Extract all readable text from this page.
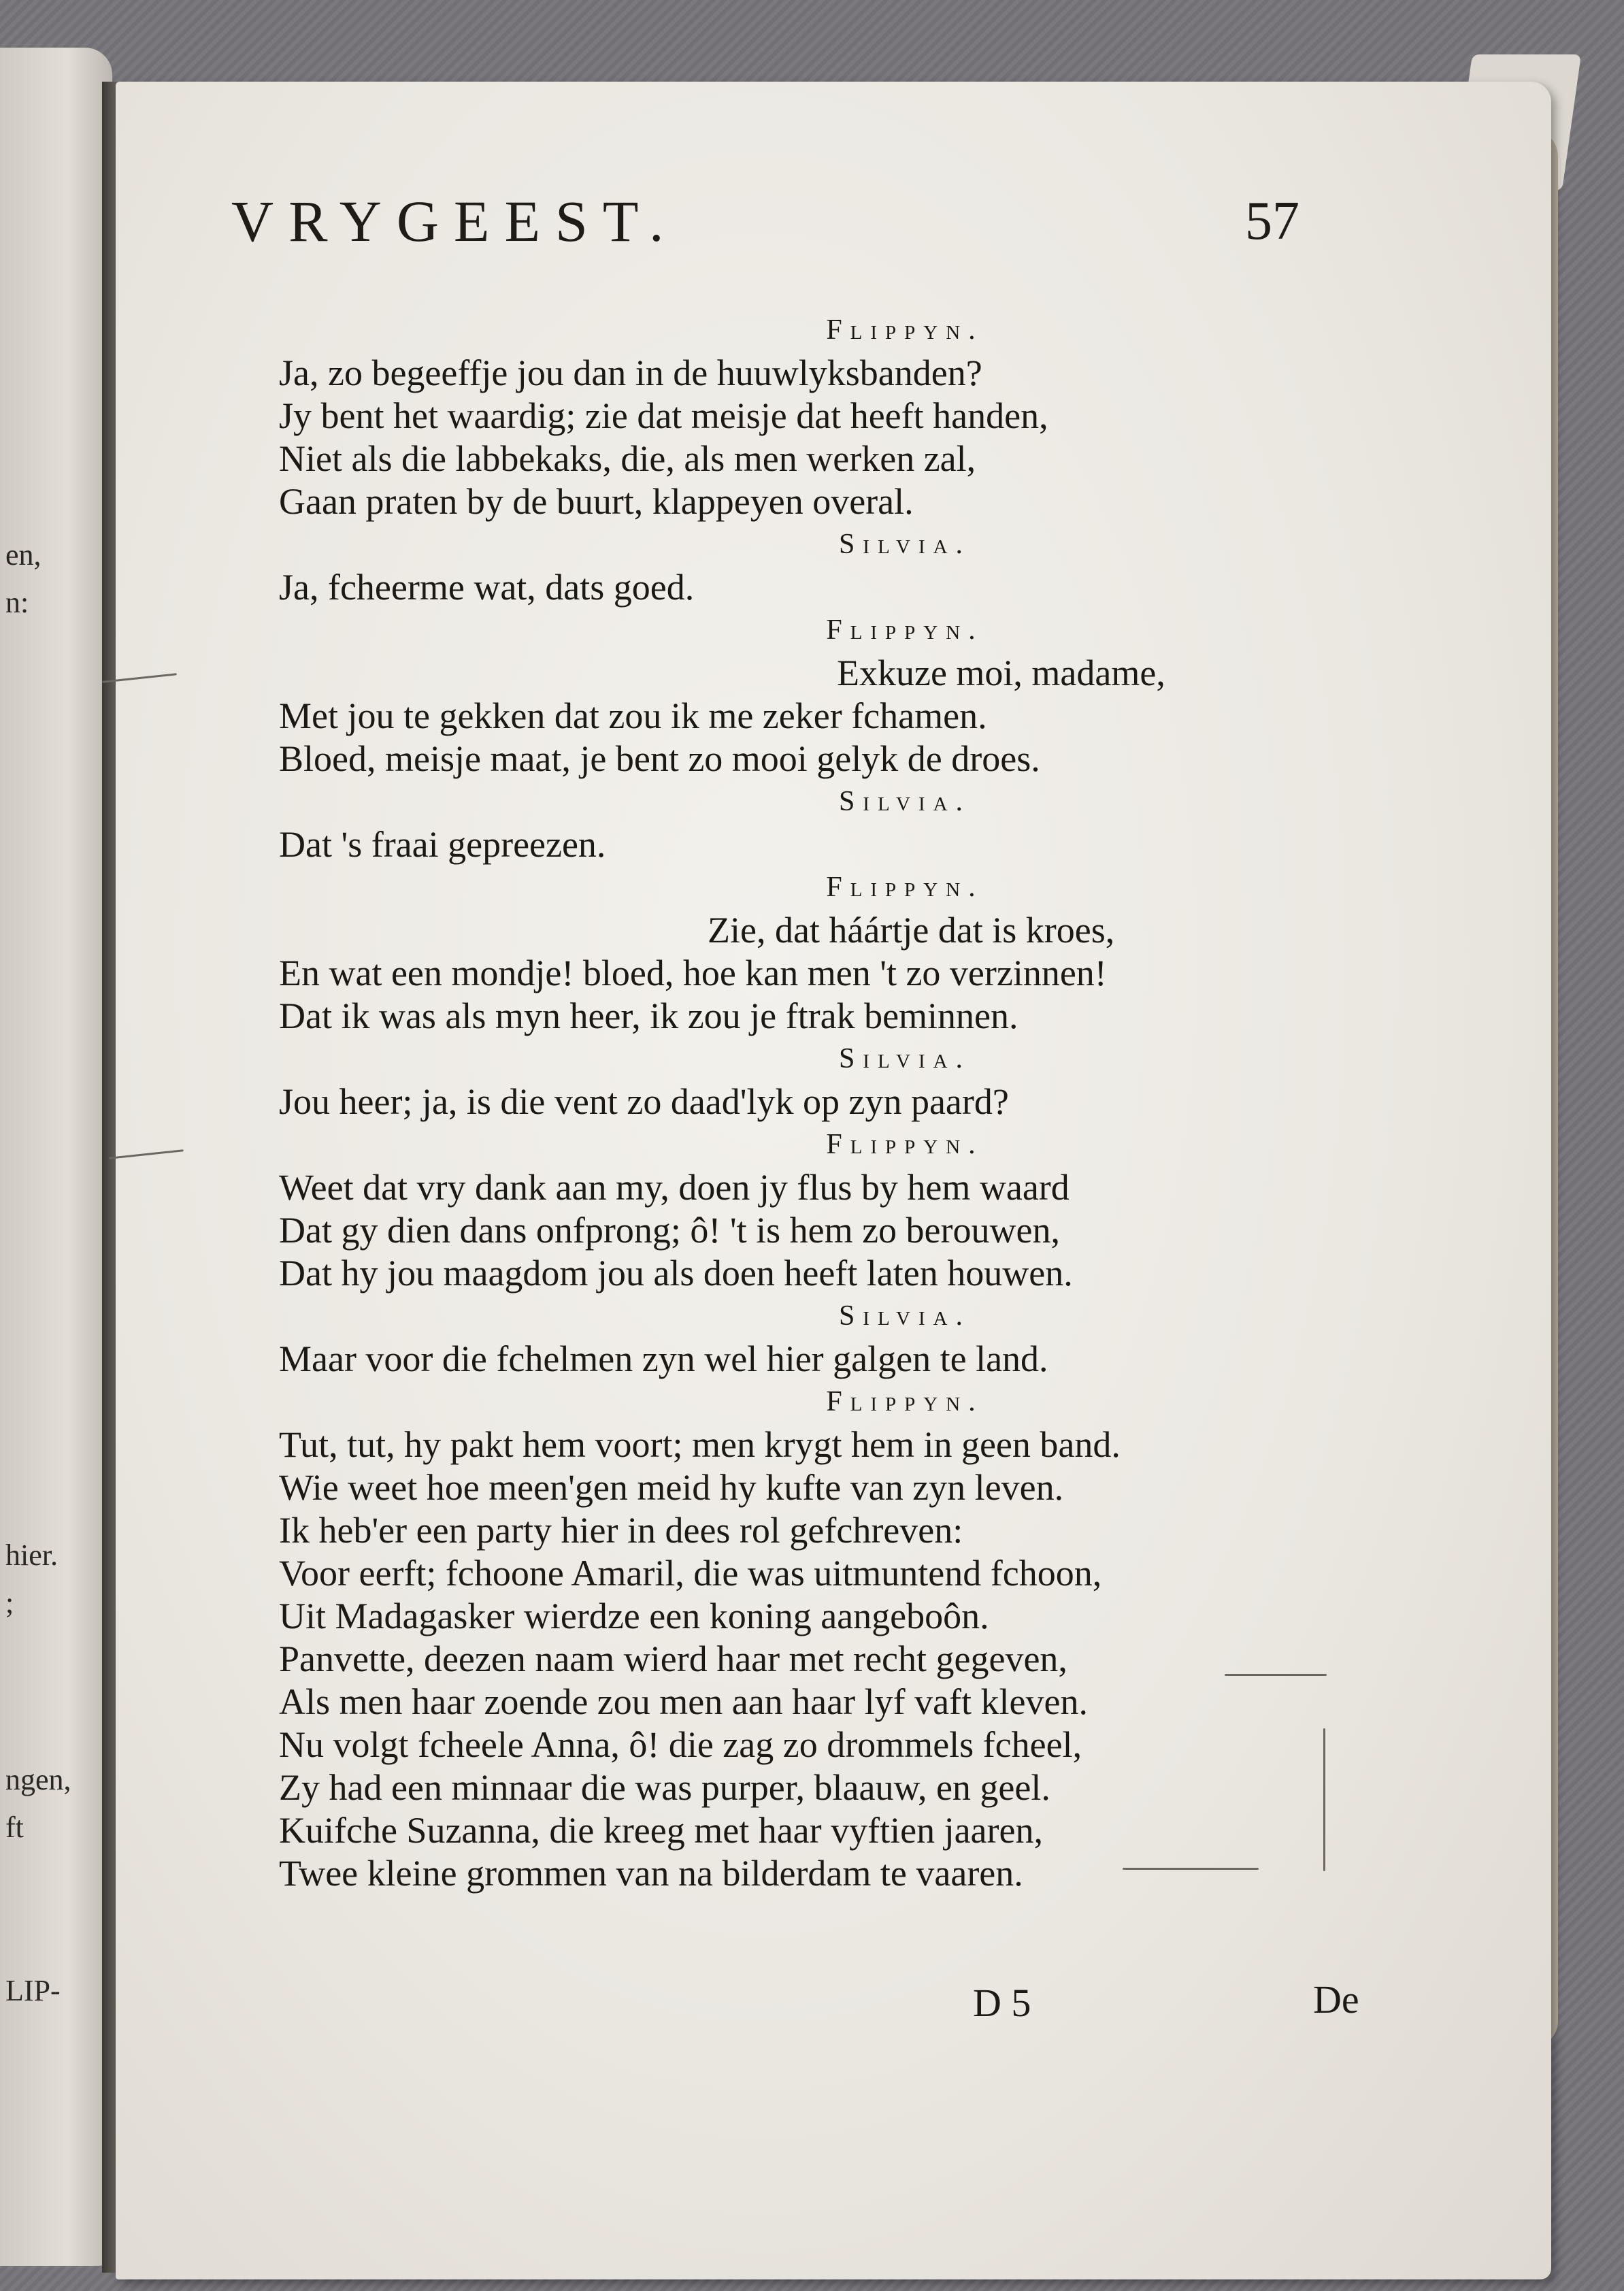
en,
n:
hier.
;
ngen,
ft
LIP-
VRYGEEST.	57
Flippyn.
Ja, zo begeeffje jou dan in de huuwlyksbanden?
Jy bent het waardig; zie dat meisje dat heeft handen,
Niet als die labbekaks, die, als men werken zal,
Gaan praten by de buurt, klappeyen overal.
Silvia.
Ja, fcheerme wat, dats goed.
Flippyn.
Exkuze moi, madame,
Met jou te gekken dat zou ik me zeker fchamen.
Bloed, meisje maat, je bent zo mooi gelyk de droes.
Silvia.
Dat 's fraai gepreezen.
Flippyn.
Zie, dat háártje dat is kroes,
En wat een mondje! bloed, hoe kan men 't zo verzinnen!
Dat ik was als myn heer, ik zou je ftrak beminnen.
Silvia.
Jou heer; ja, is die vent zo daad'lyk op zyn paard?
Flippyn.
Weet dat vry dank aan my, doen jy flus by hem waard
Dat gy dien dans onfprong; ô! 't is hem zo berouwen,
Dat hy jou maagdom jou als doen heeft laten houwen.
Silvia.
Maar voor die fchelmen zyn wel hier galgen te land.
Flippyn.
Tut, tut, hy pakt hem voort; men krygt hem in geen band.
Wie weet hoe meen'gen meid hy kufte van zyn leven.
Ik heb'er een party hier in dees rol gefchreven:
Voor eerft; fchoone Amaril, die was uitmuntend fchoon,
Uit Madagasker wierdze een koning aangeboôn.
Panvette, deezen naam wierd haar met recht gegeven,
Als men haar zoende zou men aan haar lyf vaft kleven.
Nu volgt fcheele Anna, ô! die zag zo drommels fcheel,
Zy had een minnaar die was purper, blaauw, en geel.
Kuifche Suzanna, die kreeg met haar vyftien jaaren,
Twee kleine grommen van na bilderdam te vaaren.
D 5	De
